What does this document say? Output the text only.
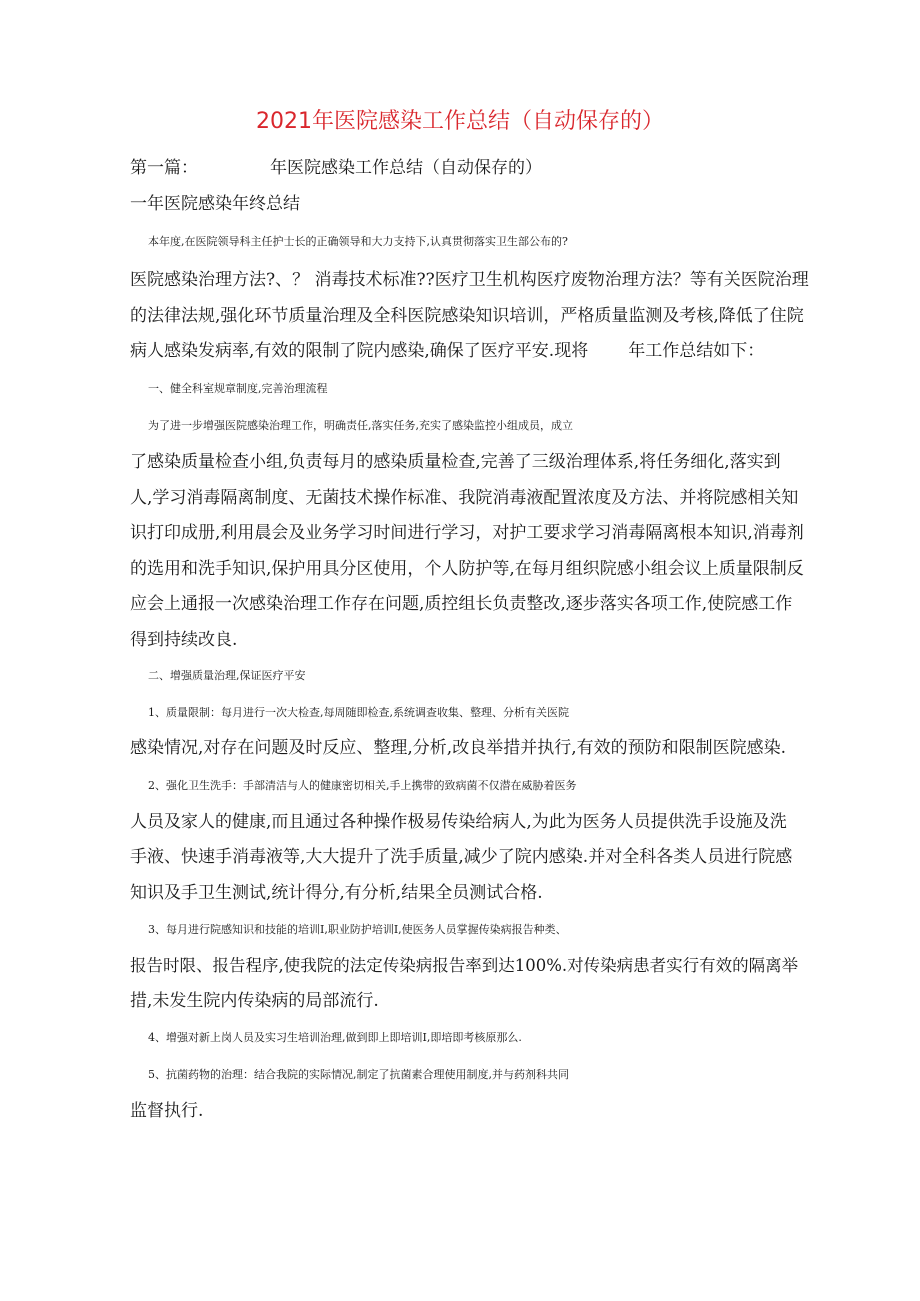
2021年医院感染工作总结（自动保存的）
第一篇：	年医院感染工作总结（自动保存的）
一年医院感染年终总结
本年度,在医院领导科主任护士长的正确领导和大力支持下,认真贯彻落实卫生部公布的?
医院感染治理方法?、？ 消毒技术标准??医疗卫生机构医疗废物治理方法？等有关医院治理
的法律法规,强化环节质量治理及全科医院感染知识培训，严格质量监测及考核,降低了住院
病人感染发病率,有效的限制了院内感染,确保了医疗平安.现将 年工作总结如下：
一、健全科室规章制度,完善治理流程
为了进一步增强医院感染治理工作，明确责任,落实任务,充实了感染监控小组成员，成立
了感染质量检查小组,负责每月的感染质量检查,完善了三级治理体系,将任务细化,落实到
人,学习消毒隔离制度、无菌技术操作标准、我院消毒液配置浓度及方法、并将院感相关知
识打印成册,利用晨会及业务学习时间进行学习，对护工要求学习消毒隔离根本知识,消毒剂
的选用和洗手知识,保护用具分区使用，个人防护等,在每月组织院感小组会议上质量限制反
应会上通报一次感染治理工作存在问题,质控组长负责整改,逐步落实各项工作,使院感工作
得到持续改良.
二、增强质量治理,保证医疗平安
1、质量限制：每月进行一次大检查,每周随即检查,系统调查收集、整理、分析有关医院
感染情况,对存在问题及时反应、整理,分析,改良举措并执行,有效的预防和限制医院感染.
2、强化卫生洗手：手部清洁与人的健康密切相关,手上携带的致病菌不仅潜在威胁着医务
人员及家人的健康,而且通过各种操作极易传染给病人,为此为医务人员提供洗手设施及洗
手液、快速手消毒液等,大大提升了洗手质量,减少了院内感染.并对全科各类人员进行院感
知识及手卫生测试,统计得分,有分析,结果全员测试合格.
3、每月进行院感知识和技能的培训I,职业防护培训I,使医务人员掌握传染病报告种类、
报告时限、报告程序,使我院的法定传染病报告率到达100%.对传染病患者实行有效的隔离举
措,未发生院内传染病的局部流行.
4、增强对新上岗人员及实习生培训治理,做到即上即培训I,即培即考核原那么.
5、抗菌药物的治理：结合我院的实际情况,制定了抗菌素合理使用制度,并与药剂科共同
监督执行.
